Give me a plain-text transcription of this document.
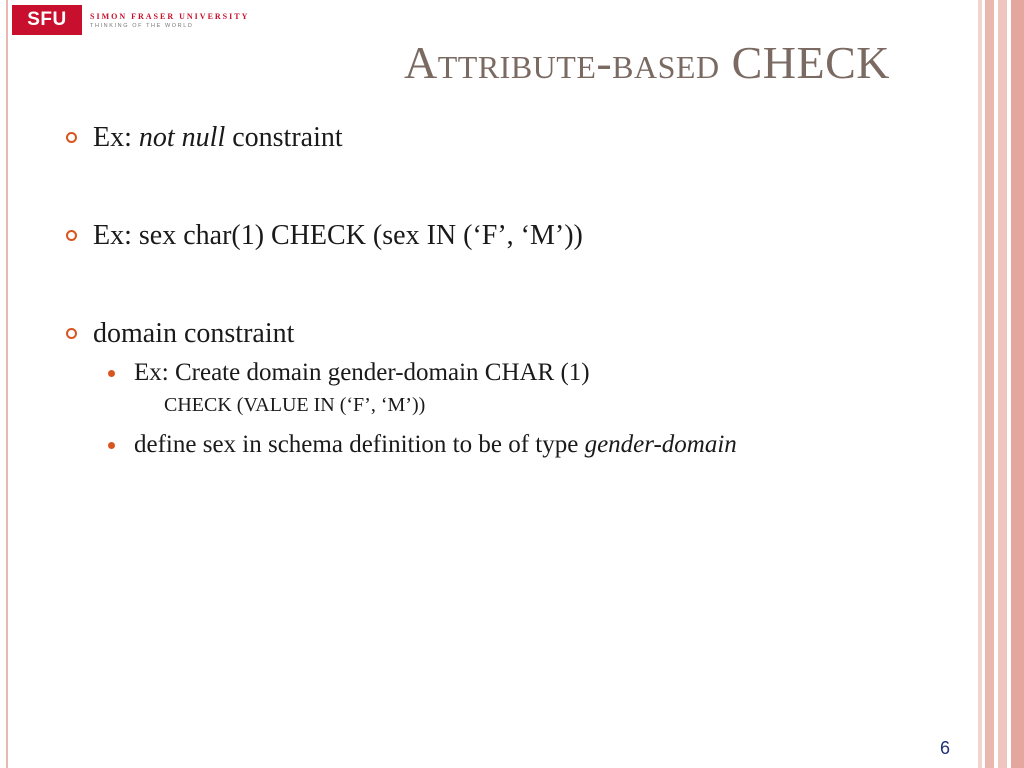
SFU	SIMON FRASER UNIVERSITY
THINKING OF THE WORLD
Attribute-based CHECK
Ex: not null constraint
Ex: sex char(1) CHECK (sex IN (‘F’, ‘M’))
domain constraint
Ex: Create domain gender-domain CHAR (1)
CHECK (VALUE IN (‘F’, ‘M’))
define sex in schema definition to be of type gender-domain
6
